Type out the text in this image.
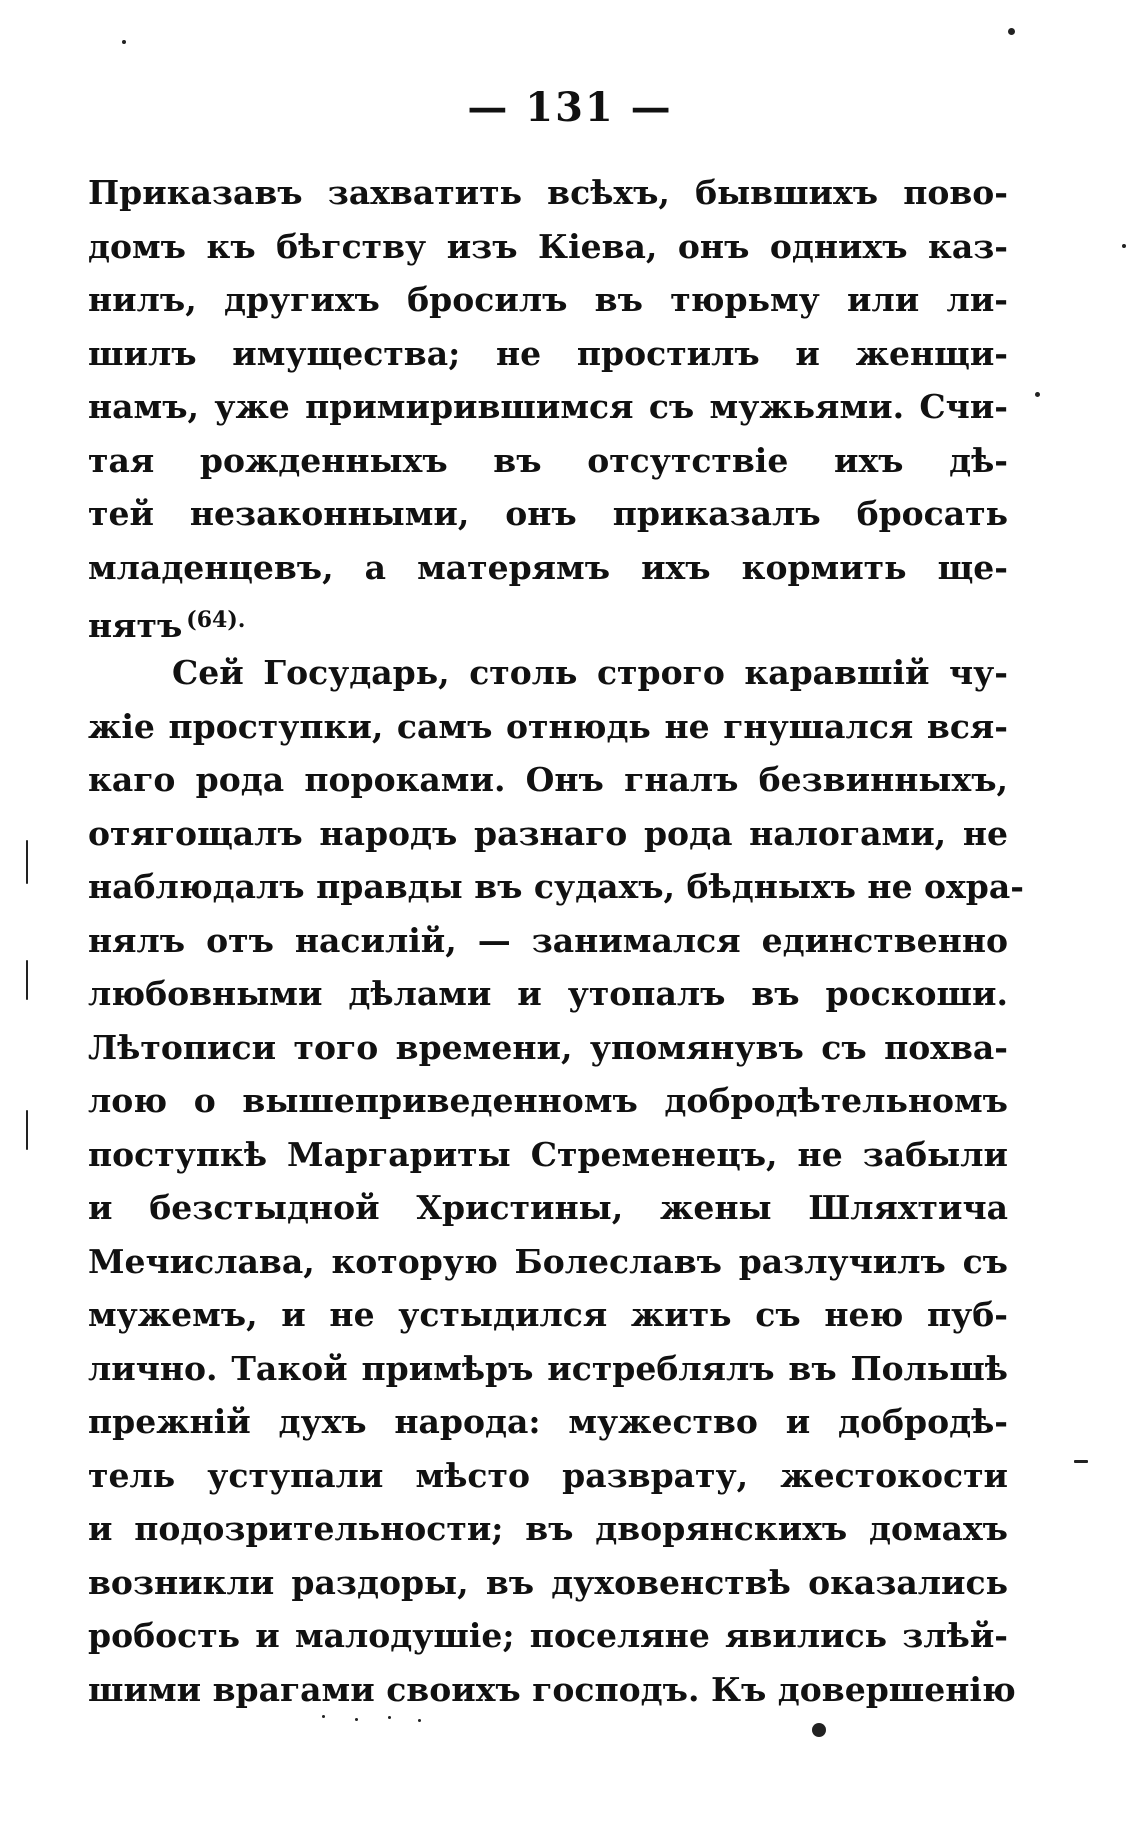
— 131 —
Приказавъ захватить всѣхъ, бывшихъ пово-
домъ къ бѣгству изъ Кіева, онъ однихъ каз-
нилъ, другихъ бросилъ въ тюрьму или ли-
шилъ имущества; не простилъ и женщи-
намъ, уже примирившимся съ мужьями. Счи-
тая рожденныхъ въ отсутствіе ихъ дѣ-
тей незаконными, онъ приказалъ бросать
младенцевъ, а матерямъ ихъ кормить ще-
нятъ $^{(64).}$
Сей Государь, столь строго каравшій чу-
жіе проступки, самъ отнюдь не гнушался вся-
каго рода пороками. Онъ гналъ безвинныхъ,
отягощалъ народъ разнаго рода налогами, не
наблюдалъ правды въ судахъ, бѣдныхъ не охра-
нялъ отъ насилій, — занимался единственно
любовными дѣлами и утопалъ въ роскоши.
Лѣтописи того времени, упомянувъ съ похва-
лою о вышеприведенномъ добродѣтельномъ
поступкѣ Маргариты Стременецъ, не забыли
и безстыдной Христины, жены Шляхтича
Мечислава, которую Болеславъ разлучилъ съ
мужемъ, и не устыдился жить съ нею пуб-
лично. Такой примѣръ истреблялъ въ Польшѣ
прежній духъ народа: мужество и добродѣ-
тель уступали мѣсто разврату, жестокости
и подозрительности; въ дворянскихъ домахъ
возникли раздоры, въ духовенствѣ оказались
робость и малодушіе; поселяне явились злѣй-
шими врагами своихъ господъ. Къ довершенію
